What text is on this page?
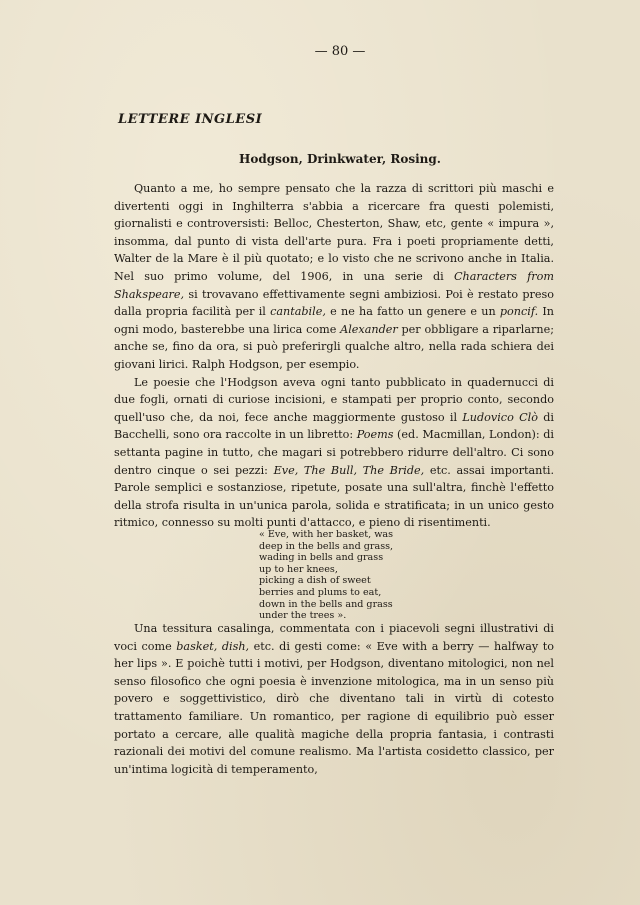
— 80 —
LETTERE INGLESI
Hodgson, Drinkwater, Rosing.

Quanto a me, ho sempre pensato che la razza di scrittori più maschi e divertenti oggi in Inghilterra s'abbia a ricercare fra questi polemisti, giornalisti e controversisti: Belloc, Chesterton, Shaw, etc, gente « impura », insomma, dal punto di vista dell'arte pura. Fra i poeti propriamente detti, Walter de la Mare è il più quotato; e lo visto che ne scrivono anche in Italia. Nel suo primo volume, del 1906, in una serie di Characters from Shakspeare, si trovavano effettivamente segni ambiziosi. Poi è restato preso dalla propria facilità per il cantabile, e ne ha fatto un genere e un poncif. In ogni modo, basterebbe una lirica come Alexander per obbligare a riparlarne; anche se, fino da ora, si può preferirgli qualche altro, nella rada schiera dei giovani lirici. Ralph Hodgson, per esempio.

Le poesie che l'Hodgson aveva ogni tanto pubblicato in quadernucci di due fogli, ornati di curiose incisioni, e stampati per proprio conto, secondo quell'uso che, da noi, fece anche maggiormente gustoso il Ludovico Clò di Bacchelli, sono ora raccolte in un libretto: Poems (ed. Macmillan, London): di settanta pagine in tutto, che magari si potrebbero ridurre dell'altro. Ci sono dentro cinque o sei pezzi: Eve, The Bull, The Bride, etc. assai importanti. Parole semplici e sostanziose, ripetute, posate una sull'altra, finchè l'effetto della strofa risulta in un'unica parola, solida e stratificata; in un unico gesto ritmico, connesso su molti punti d'attacco, e pieno di risentimenti.

« Eve, with her basket, was
deep in the bells and grass,
wading in bells and grass
up to her knees,
picking a dish of sweet
berries and plums to eat,
down in the bells and grass
under the trees ».

Una tessitura casalinga, commentata con i piacevoli segni illustrativi di voci come basket, dish, etc. di gesti come: « Eve with a berry — halfway to her lips ». E poichè tutti i motivi, per Hodgson, diventano mitologici, non nel senso filosofico che ogni poesia è invenzione mitologica, ma in un senso più povero e soggettivistico, dirò che diventano tali in virtù di cotesto trattamento familiare. Un romantico, per ragione di equilibrio può esser portato a cercare, alle qualità magiche della propria fantasia, i contrasti razionali dei motivi del comune realismo. Ma l'artista cosidetto classico, per un'intima logicità di temperamento,
